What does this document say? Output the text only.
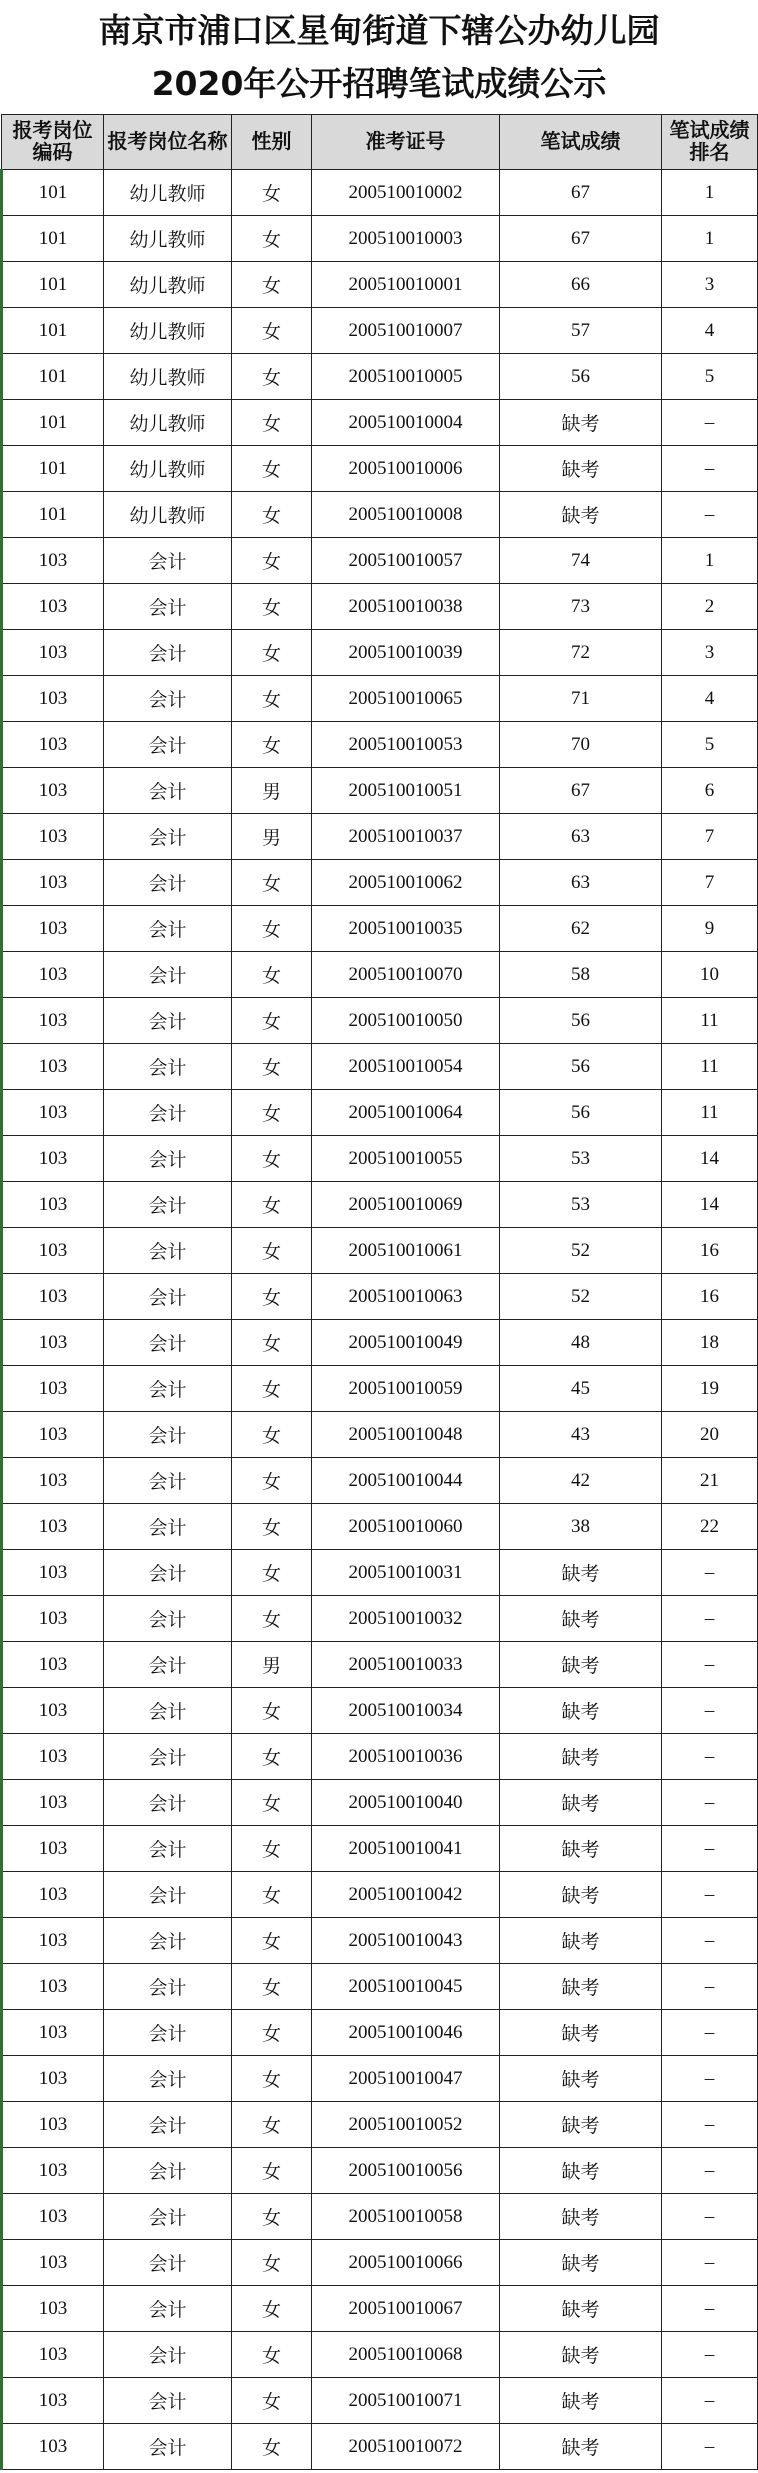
南京市浦口区星甸街道下辖公办幼儿园
2020年公开招聘笔试成绩公示
报考岗位编码	报考岗位名称	性别	准考证号	笔试成绩	笔试成绩排名
101	幼儿教师	女	200510010002	67	1
101	幼儿教师	女	200510010003	67	1
101	幼儿教师	女	200510010001	66	3
101	幼儿教师	女	200510010007	57	4
101	幼儿教师	女	200510010005	56	5
101	幼儿教师	女	200510010004	缺考	–
101	幼儿教师	女	200510010006	缺考	–
101	幼儿教师	女	200510010008	缺考	–
103	会计	女	200510010057	74	1
103	会计	女	200510010038	73	2
103	会计	女	200510010039	72	3
103	会计	女	200510010065	71	4
103	会计	女	200510010053	70	5
103	会计	男	200510010051	67	6
103	会计	男	200510010037	63	7
103	会计	女	200510010062	63	7
103	会计	女	200510010035	62	9
103	会计	女	200510010070	58	10
103	会计	女	200510010050	56	11
103	会计	女	200510010054	56	11
103	会计	女	200510010064	56	11
103	会计	女	200510010055	53	14
103	会计	女	200510010069	53	14
103	会计	女	200510010061	52	16
103	会计	女	200510010063	52	16
103	会计	女	200510010049	48	18
103	会计	女	200510010059	45	19
103	会计	女	200510010048	43	20
103	会计	女	200510010044	42	21
103	会计	女	200510010060	38	22
103	会计	女	200510010031	缺考	–
103	会计	女	200510010032	缺考	–
103	会计	男	200510010033	缺考	–
103	会计	女	200510010034	缺考	–
103	会计	女	200510010036	缺考	–
103	会计	女	200510010040	缺考	–
103	会计	女	200510010041	缺考	–
103	会计	女	200510010042	缺考	–
103	会计	女	200510010043	缺考	–
103	会计	女	200510010045	缺考	–
103	会计	女	200510010046	缺考	–
103	会计	女	200510010047	缺考	–
103	会计	女	200510010052	缺考	–
103	会计	女	200510010056	缺考	–
103	会计	女	200510010058	缺考	–
103	会计	女	200510010066	缺考	–
103	会计	女	200510010067	缺考	–
103	会计	女	200510010068	缺考	–
103	会计	女	200510010071	缺考	–
103	会计	女	200510010072	缺考	–
